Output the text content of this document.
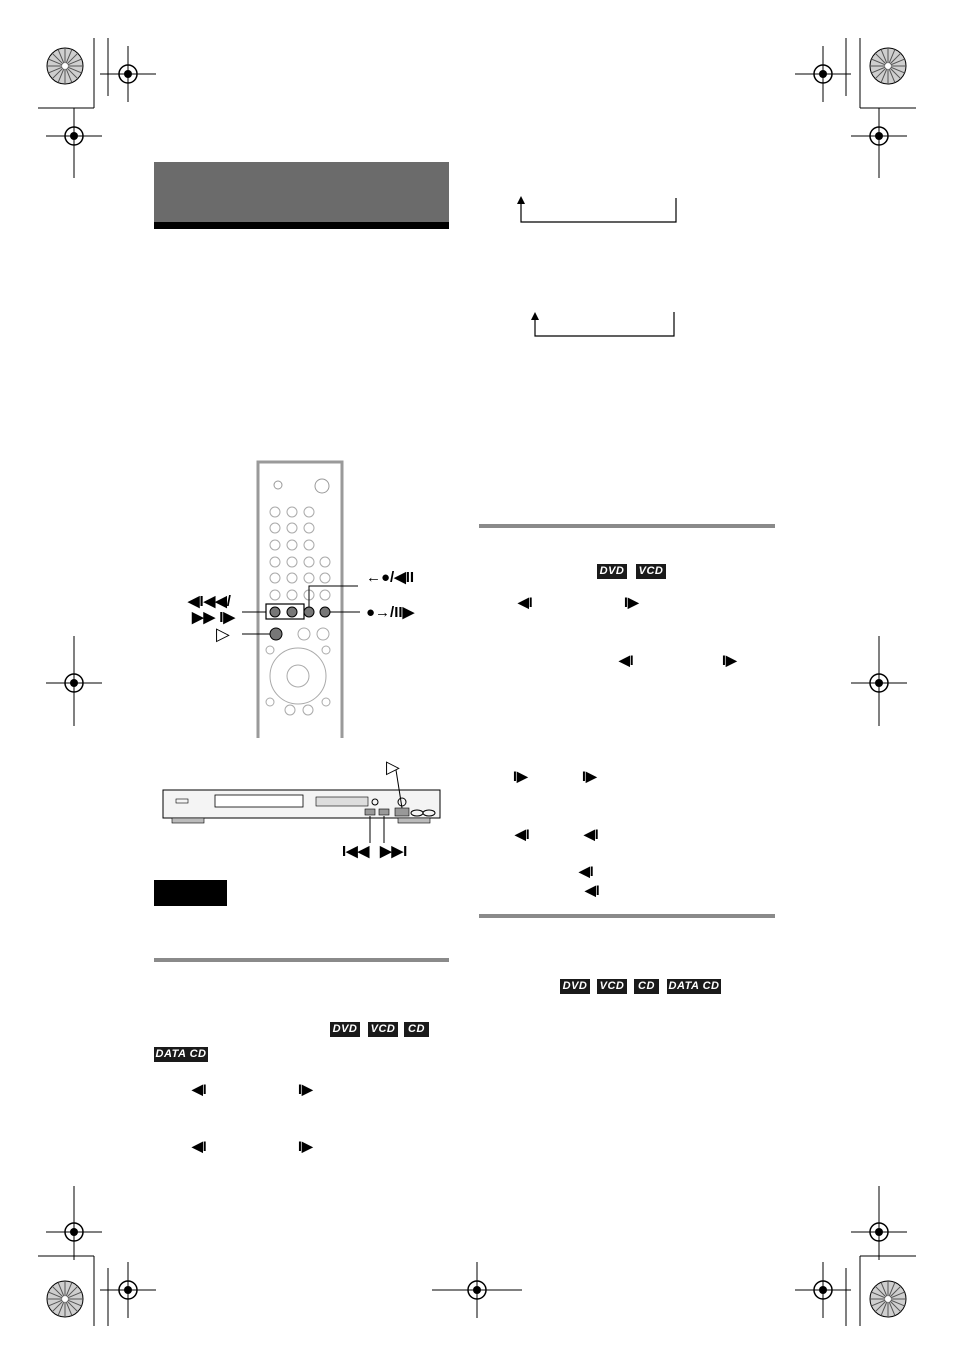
←●/◀II
●→/II▶
◀I◀◀/
▶▶ I▶
▷
▷
I◀◀ ▶▶I
DVD VCD	CD
DATA CD
◀I	I▶
◀I	I▶
DVD VCD
◀I	I▶
◀I	I▶
I▶	I▶
◀I	◀I
◀I
◀I
DVD VCD	CD	DATA CD
